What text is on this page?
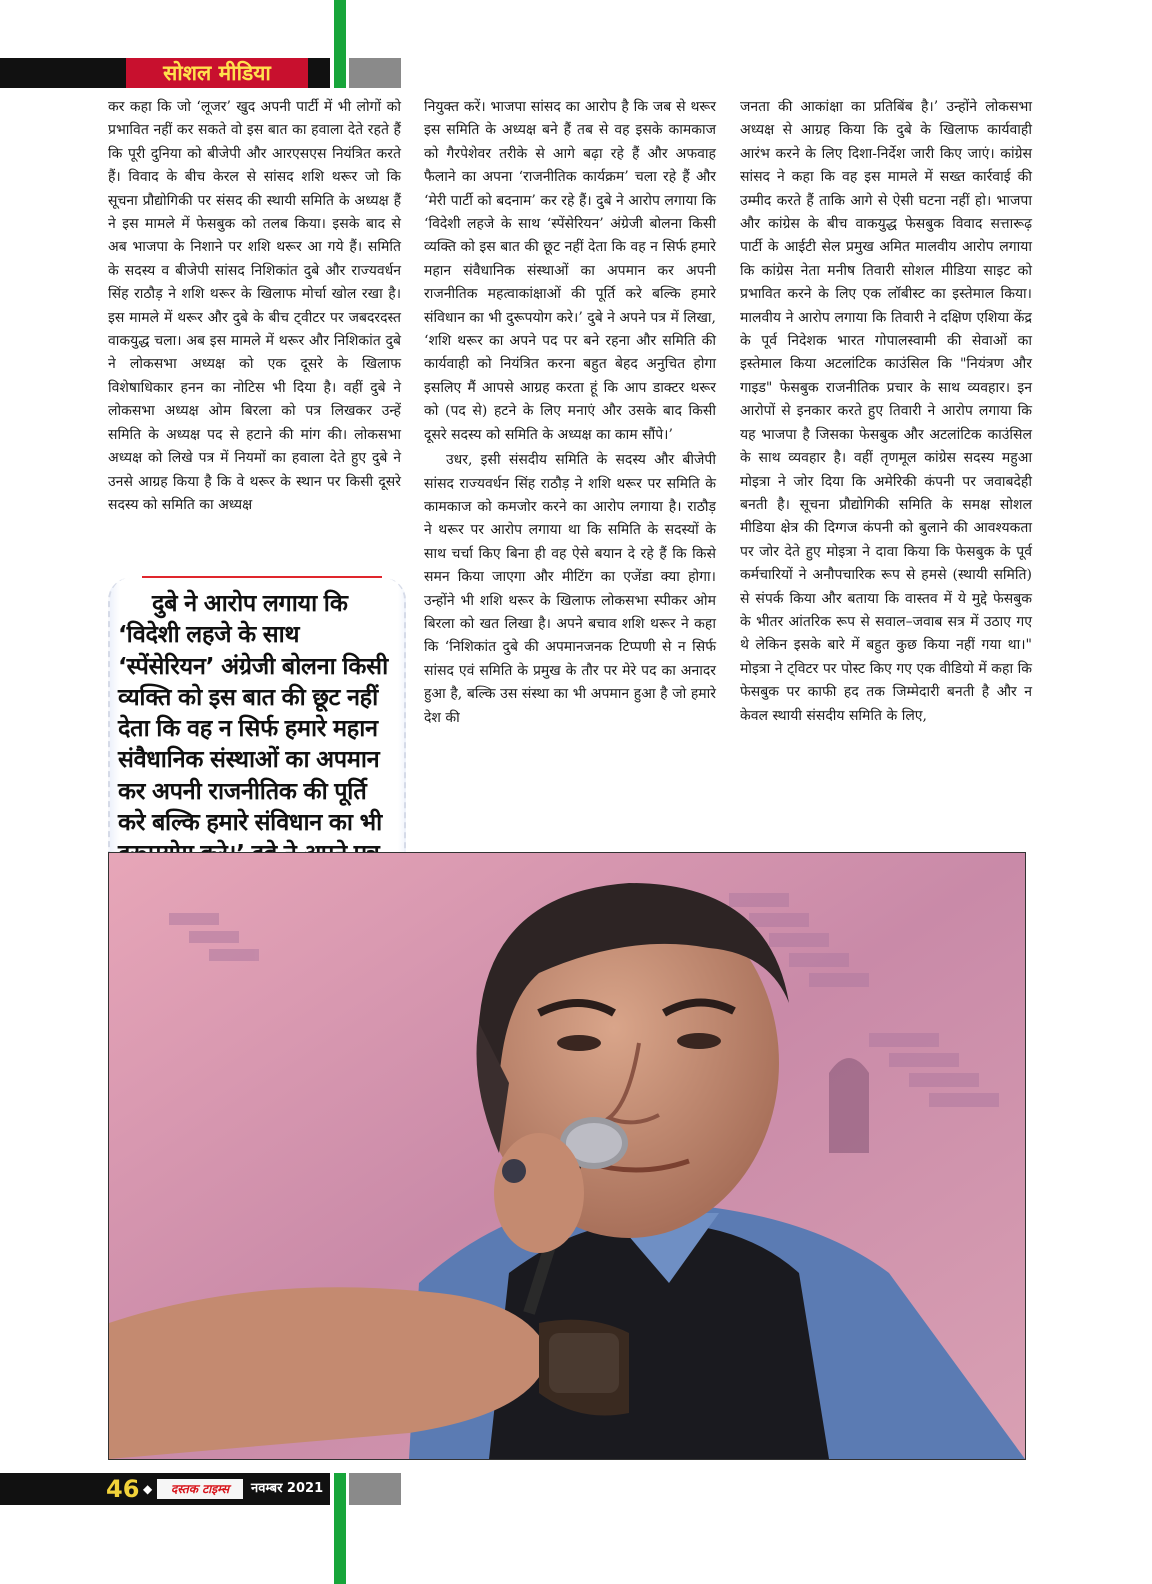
सोशल मीडिया

कर कहा कि जो ‘लूजर’ खुद अपनी पार्टी में भी लोगों को प्रभावित नहीं कर सकते वो इस बात का हवाला देते रहते हैं कि पूरी दुनिया को बीजेपी और आरएसएस नियंत्रित करते हैं। विवाद के बीच केरल से सांसद शशि थरूर जो कि सूचना प्रौद्योगिकी पर संसद की स्थायी समिति के अध्यक्ष हैं ने इस मामले में फेसबुक को तलब किया। इसके बाद से अब भाजपा के निशाने पर शशि थरूर आ गये हैं। समिति के सदस्य व बीजेपी सांसद निशिकांत दुबे और राज्यवर्धन सिंह राठौड़ ने शशि थरूर के खिलाफ मोर्चा खोल रखा है। इस मामले में थरूर और दुबे के बीच ट्वीटर पर जबदरदस्त वाकयुद्ध चला। अब इस मामले में थरूर और निशिकांत दुबे ने लोकसभा अध्यक्ष को एक दूसरे के खिलाफ विशेषाधिकार हनन का नोटिस भी दिया है। वहीं दुबे ने लोकसभा अध्यक्ष ओम बिरला को पत्र लिखकर उन्हें समिति के अध्यक्ष पद से हटाने की मांग की। लोकसभा अध्यक्ष को लिखे पत्र में नियमों का हवाला देते हुए दुबे ने उनसे आग्रह किया है कि वे थरूर के स्थान पर किसी दूसरे सदस्य को समिति का अध्यक्ष

दुबे ने आरोप लगाया कि ‘विदेशी लहजे के साथ ‘स्पेंसेरियन’ अंग्रेजी बोलना किसी व्यक्ति को इस बात की छूट नहीं देता कि वह न सिर्फ हमारे महान संवैधानिक संस्थाओं का अपमान कर अपनी राजनीतिक की पूर्ति करे बल्कि हमारे संविधान का भी

नियुक्त करें। भाजपा सांसद का आरोप है कि जब से थरूर इस समिति के अध्यक्ष बने हैं तब से वह इसके कामकाज को गैरपेशेवर तरीके से आगे बढ़ा रहे हैं और अफवाह फैलाने का अपना ‘राजनीतिक कार्यक्रम’ चला रहे हैं और ‘मेरी पार्टी को बदनाम’ कर रहे हैं। दुबे ने आरोप लगाया कि ‘विदेशी लहजे के साथ ‘स्पेंसेरियन’ अंग्रेजी बोलना किसी व्यक्ति को इस बात की छूट नहीं देता कि वह न सिर्फ हमारे महान संवैधानिक संस्थाओं का अपमान कर अपनी राजनीतिक महत्वाकांक्षाओं की पूर्ति करे बल्कि हमारे संविधान का भी दुरूपयोग करे।’ दुबे ने अपने पत्र में लिखा, ‘शशि थरूर का अपने पद पर बने रहना और समिति की कार्यवाही को नियंत्रित करना बहुत बेहद अनुचित होगा इसलिए मैं आपसे आग्रह करता हूं कि आप डाक्टर थरूर को (पद से) हटने के लिए मनाएं और उसके बाद किसी दूसरे सदस्य को समिति के अध्यक्ष का काम सौंपे।’

उधर, इसी संसदीय समिति के सदस्य और बीजेपी सांसद राज्यवर्धन सिंह राठौड़ ने शशि थरूर पर समिति के कामकाज को कमजोर करने का आरोप लगाया है। राठौड़ ने थरूर पर आरोप लगाया था कि समिति के सदस्यों के साथ चर्चा किए बिना ही वह ऐसे बयान दे रहे हैं कि किसे समन किया जाएगा और मीटिंग का एजेंडा क्या होगा। उन्होंने भी शशि थरूर के खिलाफ लोकसभा स्पीकर ओम बिरला को खत लिखा है। अपने बचाव शशि थरूर ने कहा कि ‘निशिकांत दुबे की अपमानजनक टिप्पणी से न सिर्फ सांसद एवं समिति के प्रमुख के तौर पर मेरे पद का अनादर हुआ है, बल्कि उस संस्था का भी अपमान हुआ है जो हमारे देश की

जनता की आकांक्षा का प्रतिबिंब है।’ उन्होंने लोकसभा अध्यक्ष से आग्रह किया कि दुबे के खिलाफ कार्यवाही आरंभ करने के लिए दिशा-निर्देश जारी किए जाएं। कांग्रेस सांसद ने कहा कि वह इस मामले में सख्त कार्रवाई की उम्मीद करते हैं ताकि आगे से ऐसी घटना नहीं हो। भाजपा और कांग्रेस के बीच वाकयुद्ध फेसबुक विवाद सत्तारूढ़ पार्टी के आईटी सेल प्रमुख अमित मालवीय आरोप लगाया कि कांग्रेस नेता मनीष तिवारी सोशल मीडिया साइट को प्रभावित करने के लिए एक लॉबीस्ट का इस्तेमाल किया। मालवीय ने आरोप लगाया कि तिवारी ने दक्षिण एशिया केंद्र के पूर्व निदेशक भारत गोपालस्वामी की सेवाओं का इस्तेमाल किया अटलांटिक काउंसिल कि "नियंत्रण और गाइड" फेसबुक राजनीतिक प्रचार के साथ व्यवहार। इन आरोपों से इनकार करते हुए तिवारी ने आरोप लगाया कि यह भाजपा है जिसका फेसबुक और अटलांटिक काउंसिल के साथ व्यवहार है। वहीं तृणमूल कांग्रेस सदस्य महुआ मोइत्रा ने जोर दिया कि अमेरिकी कंपनी पर जवाबदेही बनती है। सूचना प्रौद्योगिकी समिति के समक्ष सोशल मीडिया क्षेत्र की दिग्गज कंपनी को बुलाने की आवश्यकता पर जोर देते हुए मोइत्रा ने दावा किया कि फेसबुक के पूर्व कर्मचारियों ने अनौपचारिक रूप से हमसे (स्थायी समिति) से संपर्क किया और बताया कि वास्तव में ये मुद्दे फेसबुक के भीतर आंतरिक रूप से सवाल–जवाब सत्र में उठाए गए थे लेकिन इसके बारे में बहुत कुछ किया नहीं गया था।" मोइत्रा ने ट्विटर पर पोस्ट किए गए एक वीडियो में कहा कि फेसबुक पर काफी हद तक जिम्मेदारी बनती है और न केवल स्थायी संसदीय समिति के लिए,

46 ◆	दस्तक टाइम्स	नवम्बर 2021
